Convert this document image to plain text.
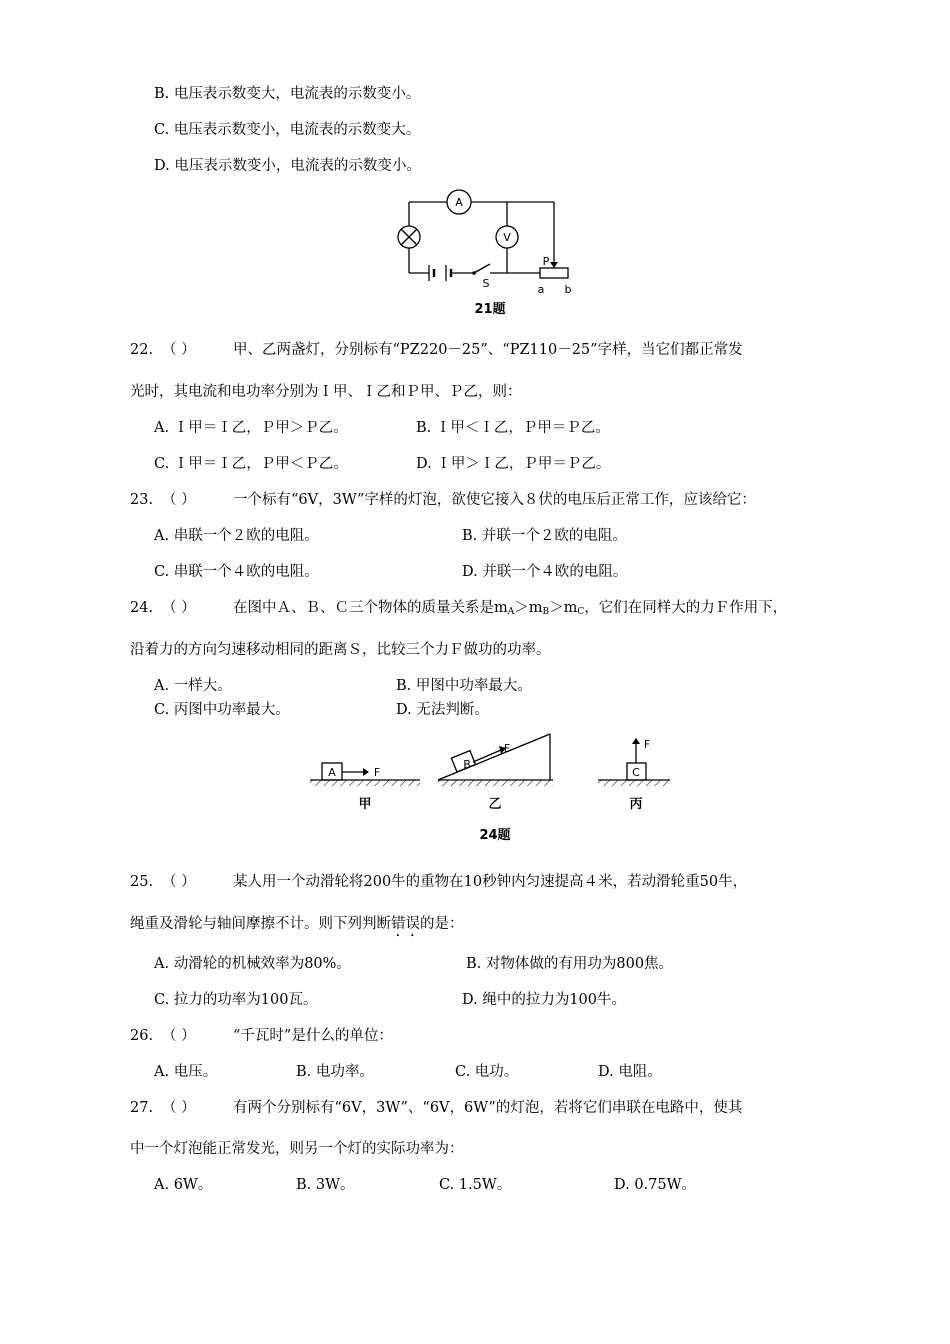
B. 电压表示数变大，电流表的示数变小。
C. 电压表示数变小，电流表的示数变大。
D. 电压表示数变小，电流表的示数变小。
A
V
S
P
a b
21题
22. （ ）	甲、乙两盏灯，分别标有“PZ220－25”、“PZ110－25”字样，当它们都正常发
光时，其电流和电功率分别为Ｉ甲、Ｉ乙和Ｐ甲、Ｐ乙，则：
A. Ｉ甲＝Ｉ乙，Ｐ甲＞Ｐ乙。	B. Ｉ甲＜Ｉ乙，Ｐ甲＝Ｐ乙。
C. Ｉ甲＝Ｉ乙，Ｐ甲＜Ｐ乙。	D. Ｉ甲＞Ｉ乙，Ｐ甲＝Ｐ乙。
23. （ ）	一个标有“6V，3W”字样的灯泡，欲使它接入８伏的电压后正常工作，应该给它：
A. 串联一个２欧的电阻。	B. 并联一个２欧的电阻。
C. 串联一个４欧的电阻。	D. 并联一个４欧的电阻。
24. （ ）	在图中Ａ、Ｂ、Ｃ三个物体的质量关系是$m_A>m_B>m_C$，它们在同样大的力Ｆ作用下，
沿着力的方向匀速移动相同的距离Ｓ，比较三个力Ｆ做功的功率。
A. 一样大。	B. 甲图中功率最大。
C. 丙图中功率最大。	D. 无法判断。
A	F
B
F
C
F
甲	乙	丙
24题
25. （ ）	某人用一个动滑轮将200牛的重物在10秒钟内匀速提高４米，若动滑轮重50牛，
绳重及滑轮与轴间摩擦不计。则下列判断错误的是：
A. 动滑轮的机械效率为80%。	B. 对物体做的有用功为800焦。
C. 拉力的功率为100瓦。	D. 绳中的拉力为100牛。
26. （ ）	“千瓦时”是什么的单位：
A. 电压。	B. 电功率。	C. 电功。	D. 电阻。
27. （ ）	有两个分别标有“6V，3W”、“6V，6W”的灯泡，若将它们串联在电路中，使其
中一个灯泡能正常发光，则另一个灯的实际功率为：
A. 6W。	B. 3W。	C. 1.5W。	D. 0.75W。
